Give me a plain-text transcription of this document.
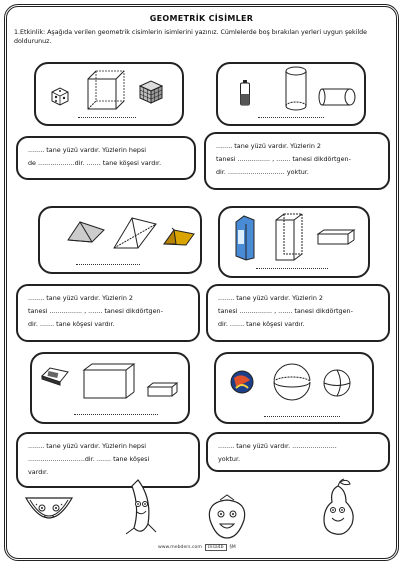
GEOMETRİK CİSİMLER
1.Etkinlik: Aşağıda verilen geometrik cisimlerin isimlerini yazınız. Cümlelerde boş bırakılan yerleri uygun şekilde doldurunuz.

........ tane yüzü vardır. Yüzlerin hepsi

de ..................dir. ....... tane köşesi vardır.

........ tane yüzü vardır. Yüzlerin 2

tanesi ................ , ....... tanesi dikdörtgen-

dir. ............................ yoktur.

........ tane yüzü vardır. Yüzlerin 2

tanesi ................ , ....... tanesi dikdörtgen-

dir. ....... tane köşesi vardır.

........ tane yüzü vardır. Yüzlerin 2

tanesi ................ , ....... tanesi dikdörtgen-

dir. ....... tane köşesi vardır.

........ tane yüzü vardır. Yüzlerin hepsi

............................dir. ....... tane köşesi

vardır.

........ tane yüzü vardır. ......................

yoktur.

www.mebders.com	ɪnsa4b	§M
